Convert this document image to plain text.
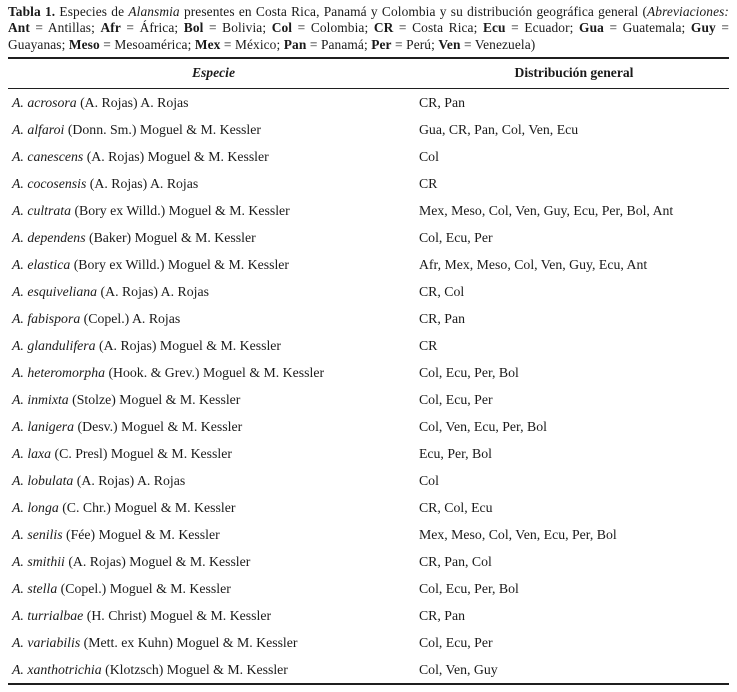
Tabla 1. Especies de Alansmia presentes en Costa Rica, Panamá y Colombia y su distribución geográfica general (Abreviaciones: Ant = Antillas; Afr = África; Bol = Bolivia; Col = Colombia; CR = Costa Rica; Ecu = Ecuador; Gua = Guatemala; Guy = Guayanas; Meso = Mesoamérica; Mex = México; Pan = Panamá; Per = Perú; Ven = Venezuela)

Especie	Distribución general
A. acrosora (A. Rojas) A. Rojas	CR, Pan
A. alfaroi (Donn. Sm.) Moguel & M. Kessler	Gua, CR, Pan, Col, Ven, Ecu
A. canescens (A. Rojas) Moguel & M. Kessler	Col
A. cocosensis (A. Rojas) A. Rojas	CR
A. cultrata (Bory ex Willd.) Moguel & M. Kessler	Mex, Meso, Col, Ven, Guy, Ecu, Per, Bol, Ant
A. dependens (Baker) Moguel & M. Kessler	Col, Ecu, Per
A. elastica (Bory ex Willd.) Moguel & M. Kessler	Afr, Mex, Meso, Col, Ven, Guy, Ecu, Ant
A. esquiveliana (A. Rojas) A. Rojas	CR, Col
A. fabispora (Copel.) A. Rojas	CR, Pan
A. glandulifera (A. Rojas) Moguel & M. Kessler	CR
A. heteromorpha (Hook. & Grev.) Moguel & M. Kessler	Col, Ecu, Per, Bol
A. inmixta (Stolze) Moguel & M. Kessler	Col, Ecu, Per
A. lanigera (Desv.) Moguel & M. Kessler	Col, Ven, Ecu, Per, Bol
A. laxa (C. Presl) Moguel & M. Kessler	Ecu, Per, Bol
A. lobulata (A. Rojas) A. Rojas	Col
A. longa (C. Chr.) Moguel & M. Kessler	CR, Col, Ecu
A. senilis (Fée) Moguel & M. Kessler	Mex, Meso, Col, Ven, Ecu, Per, Bol
A. smithii (A. Rojas) Moguel & M. Kessler	CR, Pan, Col
A. stella (Copel.) Moguel & M. Kessler	Col, Ecu, Per, Bol
A. turrialbae (H. Christ) Moguel & M. Kessler	CR, Pan
A. variabilis (Mett. ex Kuhn) Moguel & M. Kessler	Col, Ecu, Per
A. xanthotrichia (Klotzsch) Moguel & M. Kessler	Col, Ven, Guy
